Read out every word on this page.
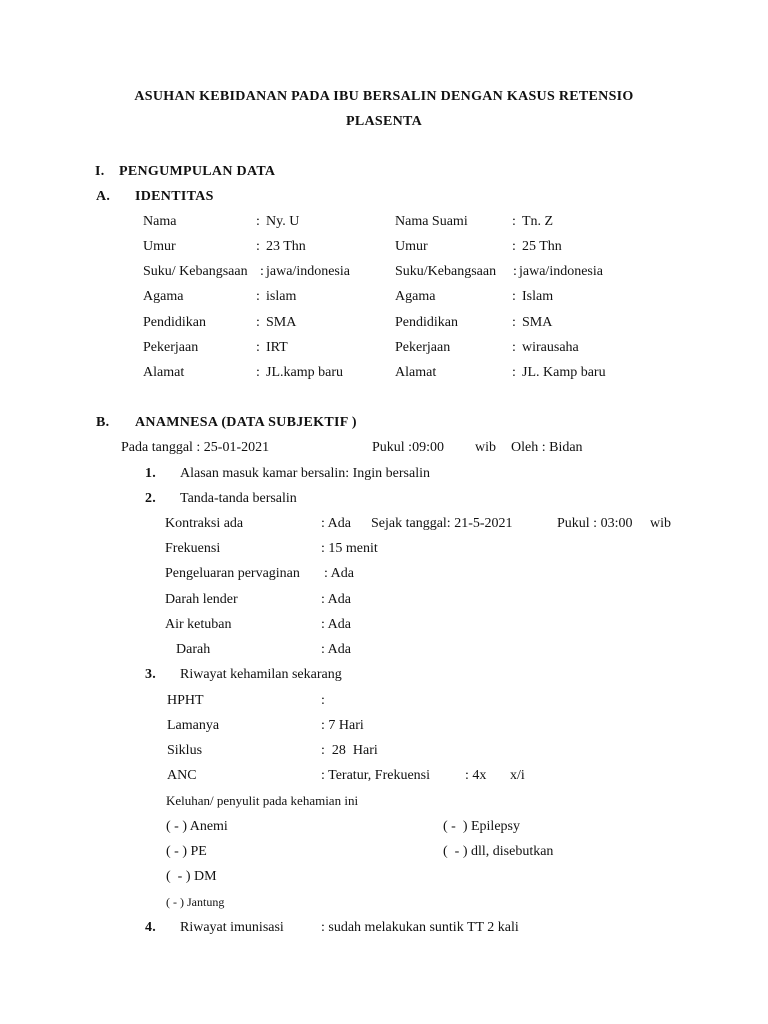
ASUHAN KEBIDANAN PADA IBU BERSALIN DENGAN KASUS RETENSIO
PLASENTA
I. PENGUMPULAN DATA
A. IDENTITAS
Nama	: Ny. U
Umur	: 23 Thn
Suku/ Kebangsaan : jawa/indonesia
Agama	: islam
Pendidikan	: SMA
Pekerjaan	: IRT
Alamat	: JL.kamp baru
Nama Suami	: Tn. Z
Umur	: 25 Thn
Suku/Kebangsaan : jawa/indonesia
Agama	: Islam
Pendidikan	: SMA
Pekerjaan	: wirausaha
Alamat	: JL. Kamp baru
B. ANAMNESA (DATA SUBJEKTIF )
Pada tanggal : 25-01-2021	Pukul :09:00 wib Oleh : Bidan
1. Alasan masuk kamar bersalin: Ingin bersalin
2. Tanda-tanda bersalin
Kontraksi ada	: Ada Sejak tanggal: 21-5-2021	Pukul : 03:00 wib
Frekuensi	: 15 menit
Pengeluaran pervaginan : Ada
Darah lender	: Ada
Air ketuban	: Ada
Darah	: Ada
3. Riwayat kehamilan sekarang
HPHT	:
Lamanya	: 7 Hari
Siklus	:  28  Hari
ANC	: Teratur, Frekuensi : 4x x/i
Keluhan/ penyulit pada kehamian ini
( - ) Anemi
( - ) PE
(  - ) DM
( - ) Jantung
( -  ) Epilepsy
(  - ) dll, disebutkan
4. Riwayat imunisasi	: sudah melakukan suntik TT 2 kali
